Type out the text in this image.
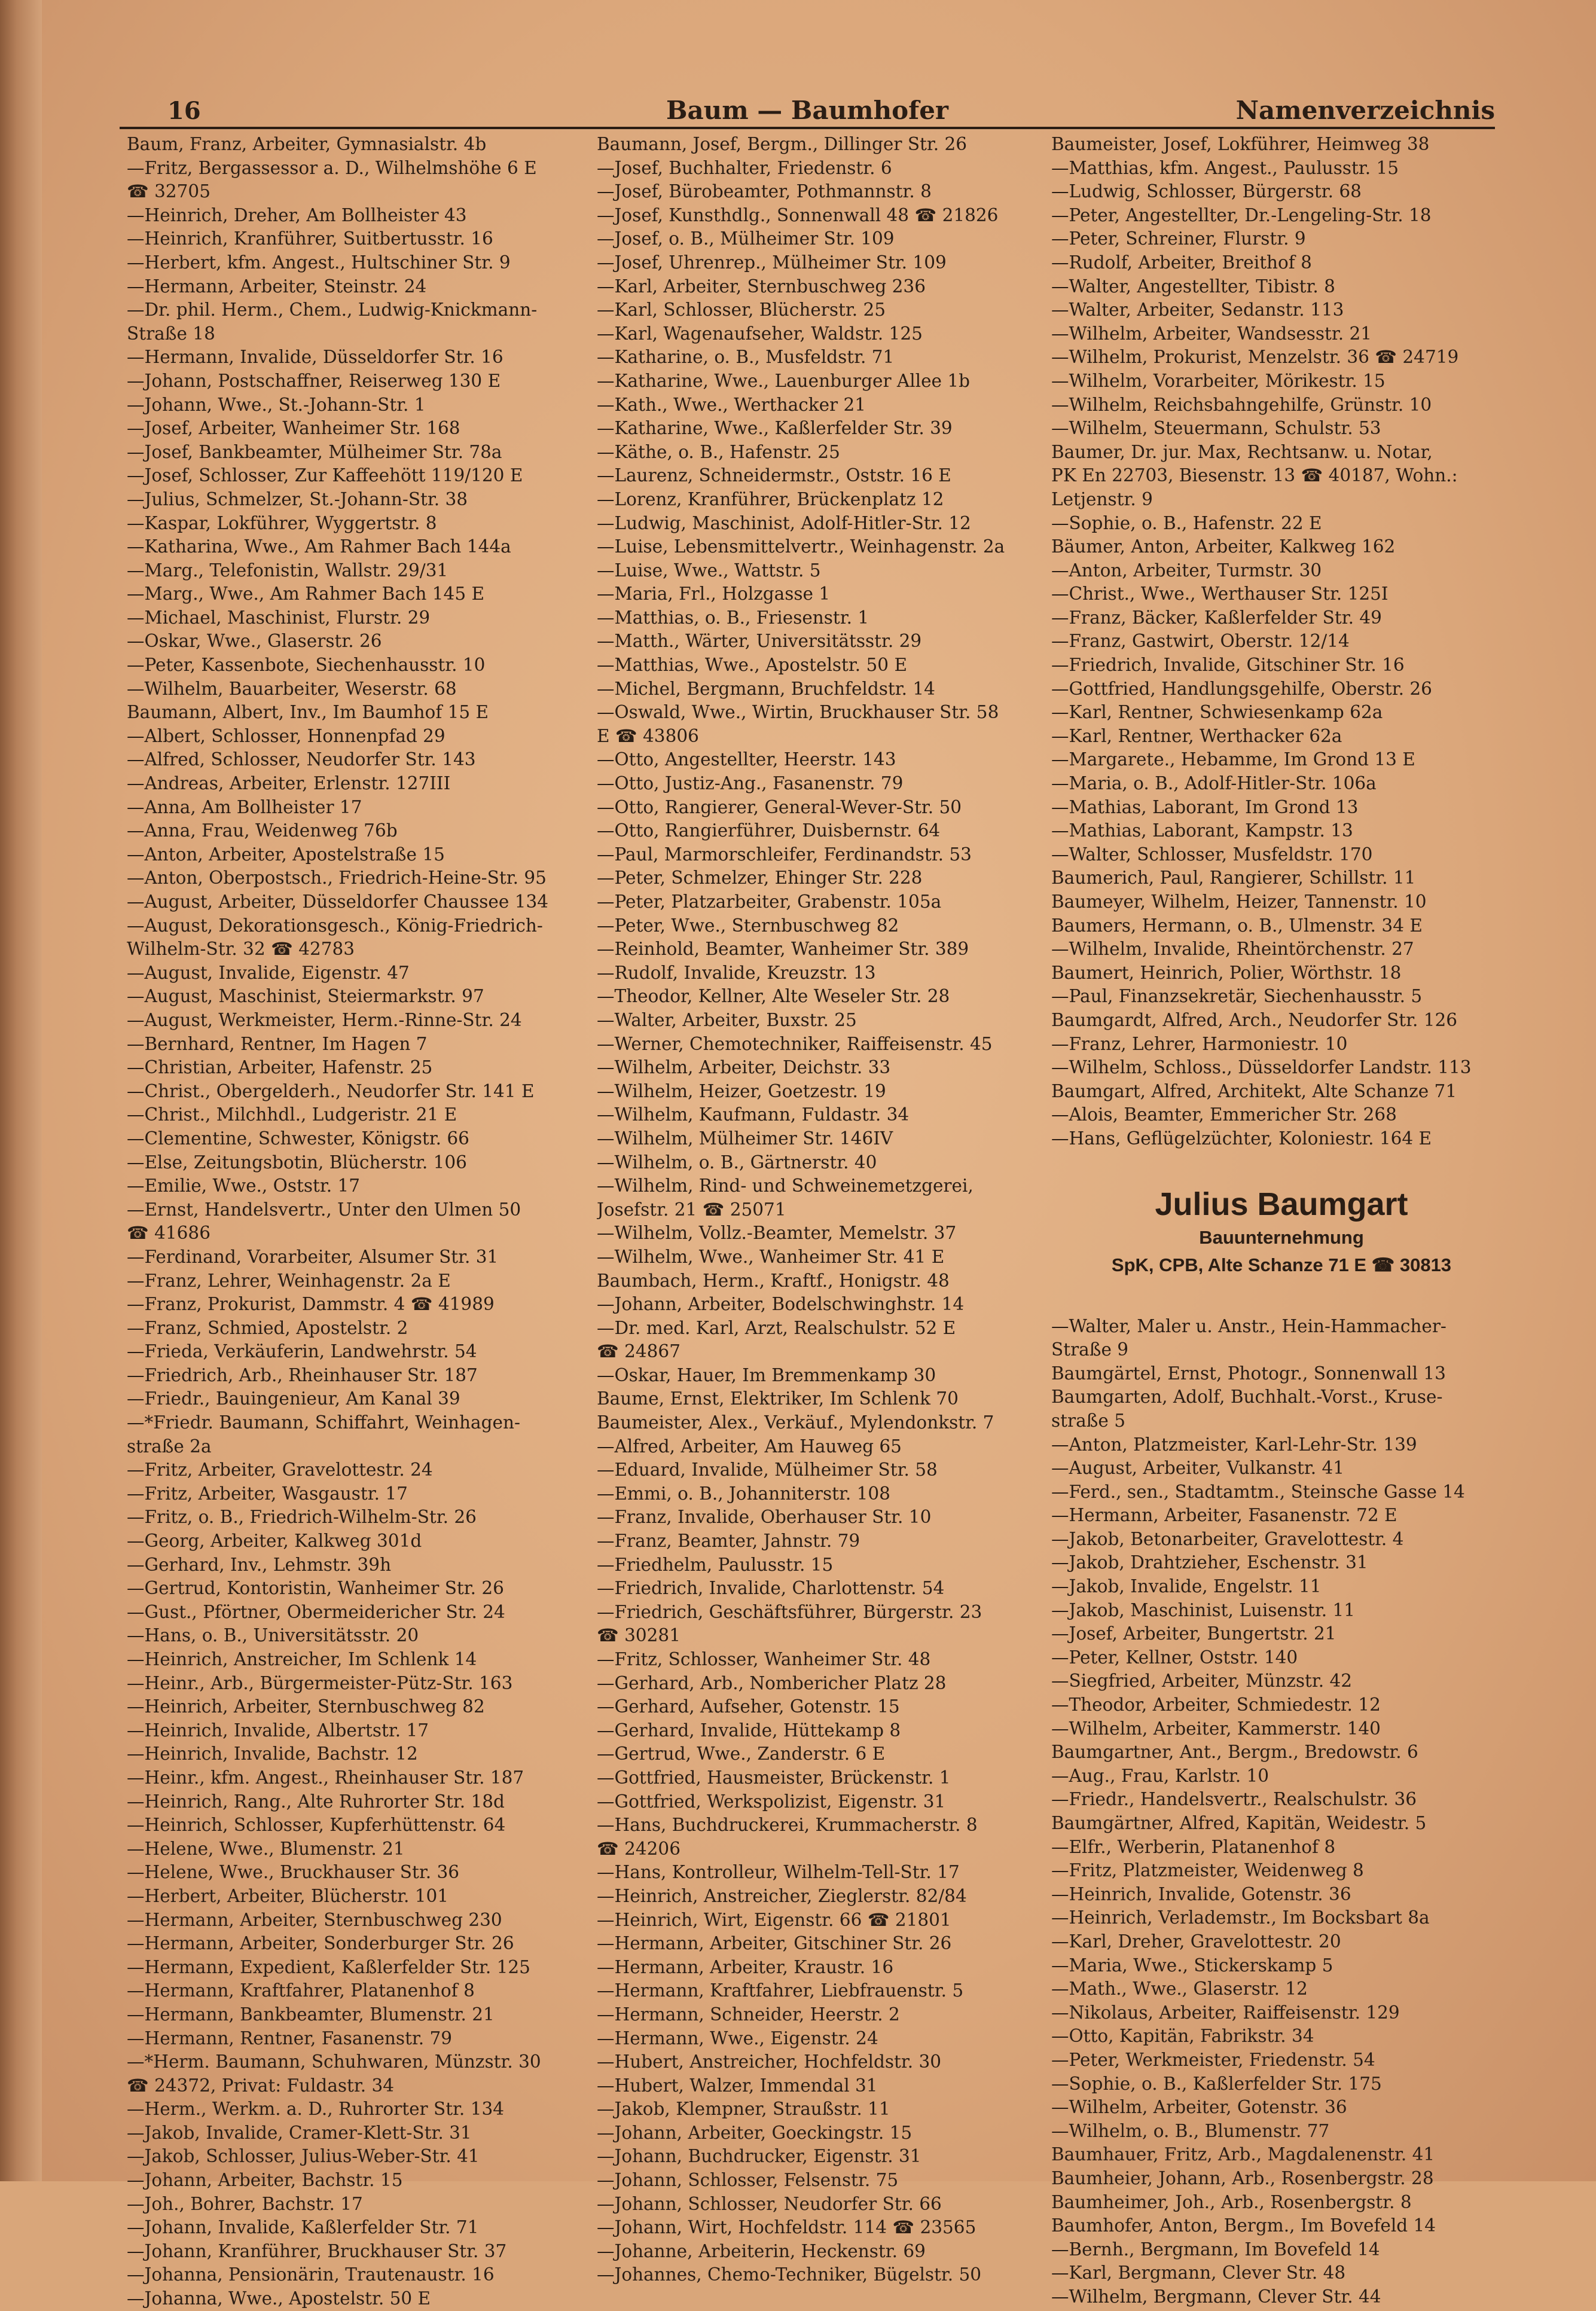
16	Baum — Baumhofer	Namenverzeichnis
Baum, Franz, Arbeiter, Gymnasialstr. 4b
—Fritz, Bergassessor a. D., Wilhelmshöhe 6 E
☎ 32705
—Heinrich, Dreher, Am Bollheister 43
—Heinrich, Kranführer, Suitbertusstr. 16
—Herbert, kfm. Angest., Hultschiner Str. 9
—Hermann, Arbeiter, Steinstr. 24
—Dr. phil. Herm., Chem., Ludwig-Knickmann-
Straße 18
—Hermann, Invalide, Düsseldorfer Str. 16
—Johann, Postschaffner, Reiserweg 130 E
—Johann, Wwe., St.-Johann-Str. 1
—Josef, Arbeiter, Wanheimer Str. 168
—Josef, Bankbeamter, Mülheimer Str. 78a
—Josef, Schlosser, Zur Kaffeehött 119/120 E
—Julius, Schmelzer, St.-Johann-Str. 38
—Kaspar, Lokführer, Wyggertstr. 8
—Katharina, Wwe., Am Rahmer Bach 144a
—Marg., Telefonistin, Wallstr. 29/31
—Marg., Wwe., Am Rahmer Bach 145 E
—Michael, Maschinist, Flurstr. 29
—Oskar, Wwe., Glaserstr. 26
—Peter, Kassenbote, Siechenhausstr. 10
—Wilhelm, Bauarbeiter, Weserstr. 68
Baumann, Albert, Inv., Im Baumhof 15 E
—Albert, Schlosser, Honnenpfad 29
—Alfred, Schlosser, Neudorfer Str. 143
—Andreas, Arbeiter, Erlenstr. 127III
—Anna, Am Bollheister 17
—Anna, Frau, Weidenweg 76b
—Anton, Arbeiter, Apostelstraße 15
—Anton, Oberpostsch., Friedrich-Heine-Str. 95
—August, Arbeiter, Düsseldorfer Chaussee 134
—August, Dekorationsgesch., König-Friedrich-
Wilhelm-Str. 32 ☎ 42783
—August, Invalide, Eigenstr. 47
—August, Maschinist, Steiermarkstr. 97
—August, Werkmeister, Herm.-Rinne-Str. 24
—Bernhard, Rentner, Im Hagen 7
—Christian, Arbeiter, Hafenstr. 25
—Christ., Obergelderh., Neudorfer Str. 141 E
—Christ., Milchhdl., Ludgeristr. 21 E
—Clementine, Schwester, Königstr. 66
—Else, Zeitungsbotin, Blücherstr. 106
—Emilie, Wwe., Oststr. 17
—Ernst, Handelsvertr., Unter den Ulmen 50
☎ 41686
—Ferdinand, Vorarbeiter, Alsumer Str. 31
—Franz, Lehrer, Weinhagenstr. 2a E
—Franz, Prokurist, Dammstr. 4 ☎ 41989
—Franz, Schmied, Apostelstr. 2
—Frieda, Verkäuferin, Landwehrstr. 54
—Friedrich, Arb., Rheinhauser Str. 187
—Friedr., Bauingenieur, Am Kanal 39
—*Friedr. Baumann, Schiffahrt, Weinhagen-
straße 2a
—Fritz, Arbeiter, Gravelottestr. 24
—Fritz, Arbeiter, Wasgaustr. 17
—Fritz, o. B., Friedrich-Wilhelm-Str. 26
—Georg, Arbeiter, Kalkweg 301d
—Gerhard, Inv., Lehmstr. 39h
—Gertrud, Kontoristin, Wanheimer Str. 26
—Gust., Pförtner, Obermeidericher Str. 24
—Hans, o. B., Universitätsstr. 20
—Heinrich, Anstreicher, Im Schlenk 14
—Heinr., Arb., Bürgermeister-Pütz-Str. 163
—Heinrich, Arbeiter, Sternbuschweg 82
—Heinrich, Invalide, Albertstr. 17
—Heinrich, Invalide, Bachstr. 12
—Heinr., kfm. Angest., Rheinhauser Str. 187
—Heinrich, Rang., Alte Ruhrorter Str. 18d
—Heinrich, Schlosser, Kupferhüttenstr. 64
—Helene, Wwe., Blumenstr. 21
—Helene, Wwe., Bruckhauser Str. 36
—Herbert, Arbeiter, Blücherstr. 101
—Hermann, Arbeiter, Sternbuschweg 230
—Hermann, Arbeiter, Sonderburger Str. 26
—Hermann, Expedient, Kaßlerfelder Str. 125
—Hermann, Kraftfahrer, Platanenhof 8
—Hermann, Bankbeamter, Blumenstr. 21
—Hermann, Rentner, Fasanenstr. 79
—*Herm. Baumann, Schuhwaren, Münzstr. 30
☎ 24372, Privat: Fuldastr. 34
—Herm., Werkm. a. D., Ruhrorter Str. 134
—Jakob, Invalide, Cramer-Klett-Str. 31
—Jakob, Schlosser, Julius-Weber-Str. 41
—Johann, Arbeiter, Bachstr. 15
—Joh., Bohrer, Bachstr. 17
—Johann, Invalide, Kaßlerfelder Str. 71
—Johann, Kranführer, Bruckhauser Str. 37
—Johanna, Pensionärin, Trautenaustr. 16
—Johanna, Wwe., Apostelstr. 50 E
Baumann, Josef, Bergm., Dillinger Str. 26
—Josef, Buchhalter, Friedenstr. 6
—Josef, Bürobeamter, Pothmannstr. 8
—Josef, Kunsthdlg., Sonnenwall 48 ☎ 21826
—Josef, o. B., Mülheimer Str. 109
—Josef, Uhrenrep., Mülheimer Str. 109
—Karl, Arbeiter, Sternbuschweg 236
—Karl, Schlosser, Blücherstr. 25
—Karl, Wagenaufseher, Waldstr. 125
—Katharine, o. B., Musfeldstr. 71
—Katharine, Wwe., Lauenburger Allee 1b
—Kath., Wwe., Werthacker 21
—Katharine, Wwe., Kaßlerfelder Str. 39
—Käthe, o. B., Hafenstr. 25
—Laurenz, Schneidermstr., Oststr. 16 E
—Lorenz, Kranführer, Brückenplatz 12
—Ludwig, Maschinist, Adolf-Hitler-Str. 12
—Luise, Lebensmittelvertr., Weinhagenstr. 2a
—Luise, Wwe., Wattstr. 5
—Maria, Frl., Holzgasse 1
—Matthias, o. B., Friesenstr. 1
—Matth., Wärter, Universitätsstr. 29
—Matthias, Wwe., Apostelstr. 50 E
—Michel, Bergmann, Bruchfeldstr. 14
—Oswald, Wwe., Wirtin, Bruckhauser Str. 58
E ☎ 43806
—Otto, Angestellter, Heerstr. 143
—Otto, Justiz-Ang., Fasanenstr. 79
—Otto, Rangierer, General-Wever-Str. 50
—Otto, Rangierführer, Duisbernstr. 64
—Paul, Marmorschleifer, Ferdinandstr. 53
—Peter, Schmelzer, Ehinger Str. 228
—Peter, Platzarbeiter, Grabenstr. 105a
—Peter, Wwe., Sternbuschweg 82
—Reinhold, Beamter, Wanheimer Str. 389
—Rudolf, Invalide, Kreuzstr. 13
—Theodor, Kellner, Alte Weseler Str. 28
—Walter, Arbeiter, Buxstr. 25
—Werner, Chemotechniker, Raiffeisenstr. 45
—Wilhelm, Arbeiter, Deichstr. 33
—Wilhelm, Heizer, Goetzestr. 19
—Wilhelm, Kaufmann, Fuldastr. 34
—Wilhelm, Mülheimer Str. 146IV
—Wilhelm, o. B., Gärtnerstr. 40
—Wilhelm, Rind- und Schweinemetzgerei,
Josefstr. 21 ☎ 25071
—Wilhelm, Vollz.-Beamter, Memelstr. 37
—Wilhelm, Wwe., Wanheimer Str. 41 E
Baumbach, Herm., Kraftf., Honigstr. 48
—Johann, Arbeiter, Bodelschwinghstr. 14
—Dr. med. Karl, Arzt, Realschulstr. 52 E
☎ 24867
—Oskar, Hauer, Im Bremmenkamp 30
Baume, Ernst, Elektriker, Im Schlenk 70
Baumeister, Alex., Verkäuf., Mylendonkstr. 7
—Alfred, Arbeiter, Am Hauweg 65
—Eduard, Invalide, Mülheimer Str. 58
—Emmi, o. B., Johanniterstr. 108
—Franz, Invalide, Oberhauser Str. 10
—Franz, Beamter, Jahnstr. 79
—Friedhelm, Paulusstr. 15
—Friedrich, Invalide, Charlottenstr. 54
—Friedrich, Geschäftsführer, Bürgerstr. 23
☎ 30281
—Fritz, Schlosser, Wanheimer Str. 48
—Gerhard, Arb., Nombericher Platz 28
—Gerhard, Aufseher, Gotenstr. 15
—Gerhard, Invalide, Hüttekamp 8
—Gertrud, Wwe., Zanderstr. 6 E
—Gottfried, Hausmeister, Brückenstr. 1
—Gottfried, Werkspolizist, Eigenstr. 31
—Hans, Buchdruckerei, Krummacherstr. 8
☎ 24206
—Hans, Kontrolleur, Wilhelm-Tell-Str. 17
—Heinrich, Anstreicher, Zieglerstr. 82/84
—Heinrich, Wirt, Eigenstr. 66 ☎ 21801
—Hermann, Arbeiter, Gitschiner Str. 26
—Hermann, Arbeiter, Kraustr. 16
—Hermann, Kraftfahrer, Liebfrauenstr. 5
—Hermann, Schneider, Heerstr. 2
—Hermann, Wwe., Eigenstr. 24
—Hubert, Anstreicher, Hochfeldstr. 30
—Hubert, Walzer, Immendal 31
—Jakob, Klempner, Straußstr. 11
—Johann, Arbeiter, Goeckingstr. 15
—Johann, Buchdrucker, Eigenstr. 31
—Johann, Schlosser, Felsenstr. 75
—Johann, Schlosser, Neudorfer Str. 66
—Johann, Wirt, Hochfeldstr. 114 ☎ 23565
—Johanne, Arbeiterin, Heckenstr. 69
—Johannes, Chemo-Techniker, Bügelstr. 50
Baumeister, Josef, Lokführer, Heimweg 38
—Matthias, kfm. Angest., Paulusstr. 15
—Ludwig, Schlosser, Bürgerstr. 68
—Peter, Angestellter, Dr.-Lengeling-Str. 18
—Peter, Schreiner, Flurstr. 9
—Rudolf, Arbeiter, Breithof 8
—Walter, Angestellter, Tibistr. 8
—Walter, Arbeiter, Sedanstr. 113
—Wilhelm, Arbeiter, Wandsesstr. 21
—Wilhelm, Prokurist, Menzelstr. 36 ☎ 24719
—Wilhelm, Vorarbeiter, Mörikestr. 15
—Wilhelm, Reichsbahngehilfe, Grünstr. 10
—Wilhelm, Steuermann, Schulstr. 53
Baumer, Dr. jur. Max, Rechtsanw. u. Notar,
PK En 22703, Biesenstr. 13 ☎ 40187, Wohn.:
Letjenstr. 9
—Sophie, o. B., Hafenstr. 22 E
Bäumer, Anton, Arbeiter, Kalkweg 162
—Anton, Arbeiter, Turmstr. 30
—Christ., Wwe., Werthauser Str. 125I
—Franz, Bäcker, Kaßlerfelder Str. 49
—Franz, Gastwirt, Oberstr. 12/14
—Friedrich, Invalide, Gitschiner Str. 16
—Gottfried, Handlungsgehilfe, Oberstr. 26
—Karl, Rentner, Schwiesenkamp 62a
—Karl, Rentner, Werthacker 62a
—Margarete., Hebamme, Im Grond 13 E
—Maria, o. B., Adolf-Hitler-Str. 106a
—Mathias, Laborant, Im Grond 13
—Mathias, Laborant, Kampstr. 13
—Walter, Schlosser, Musfeldstr. 170
Baumerich, Paul, Rangierer, Schillstr. 11
Baumeyer, Wilhelm, Heizer, Tannenstr. 10
Baumers, Hermann, o. B., Ulmenstr. 34 E
—Wilhelm, Invalide, Rheintörchenstr. 27
Baumert, Heinrich, Polier, Wörthstr. 18
—Paul, Finanzsekretär, Siechenhausstr. 5
Baumgardt, Alfred, Arch., Neudorfer Str. 126
—Franz, Lehrer, Harmoniestr. 10
—Wilhelm, Schloss., Düsseldorfer Landstr. 113
Baumgart, Alfred, Architekt, Alte Schanze 71
—Alois, Beamter, Emmericher Str. 268
—Hans, Geflügelzüchter, Koloniestr. 164 E
Julius Baumgart
Bauunternehmung
SpK, CPB, Alte Schanze 71 E ☎ 30813
—Walter, Maler u. Anstr., Hein-Hammacher-
Straße 9
Baumgärtel, Ernst, Photogr., Sonnenwall 13
Baumgarten, Adolf, Buchhalt.-Vorst., Kruse-
straße 5
—Anton, Platzmeister, Karl-Lehr-Str. 139
—August, Arbeiter, Vulkanstr. 41
—Ferd., sen., Stadtamtm., Steinsche Gasse 14
—Hermann, Arbeiter, Fasanenstr. 72 E
—Jakob, Betonarbeiter, Gravelottestr. 4
—Jakob, Drahtzieher, Eschenstr. 31
—Jakob, Invalide, Engelstr. 11
—Jakob, Maschinist, Luisenstr. 11
—Josef, Arbeiter, Bungertstr. 21
—Peter, Kellner, Oststr. 140
—Siegfried, Arbeiter, Münzstr. 42
—Theodor, Arbeiter, Schmiedestr. 12
—Wilhelm, Arbeiter, Kammerstr. 140
Baumgartner, Ant., Bergm., Bredowstr. 6
—Aug., Frau, Karlstr. 10
—Friedr., Handelsvertr., Realschulstr. 36
Baumgärtner, Alfred, Kapitän, Weidestr. 5
—Elfr., Werberin, Platanenhof 8
—Fritz, Platzmeister, Weidenweg 8
—Heinrich, Invalide, Gotenstr. 36
—Heinrich, Verlademstr., Im Bocksbart 8a
—Karl, Dreher, Gravelottestr. 20
—Maria, Wwe., Stickerskamp 5
—Math., Wwe., Glaserstr. 12
—Nikolaus, Arbeiter, Raiffeisenstr. 129
—Otto, Kapitän, Fabrikstr. 34
—Peter, Werkmeister, Friedenstr. 54
—Sophie, o. B., Kaßlerfelder Str. 175
—Wilhelm, Arbeiter, Gotenstr. 36
—Wilhelm, o. B., Blumenstr. 77
Baumhauer, Fritz, Arb., Magdalenenstr. 41
Baumheier, Johann, Arb., Rosenbergstr. 28
Baumheimer, Joh., Arb., Rosenbergstr. 8
Baumhofer, Anton, Bergm., Im Bovefeld 14
—Bernh., Bergmann, Im Bovefeld 14
—Karl, Bergmann, Clever Str. 48
—Wilhelm, Bergmann, Clever Str. 44
